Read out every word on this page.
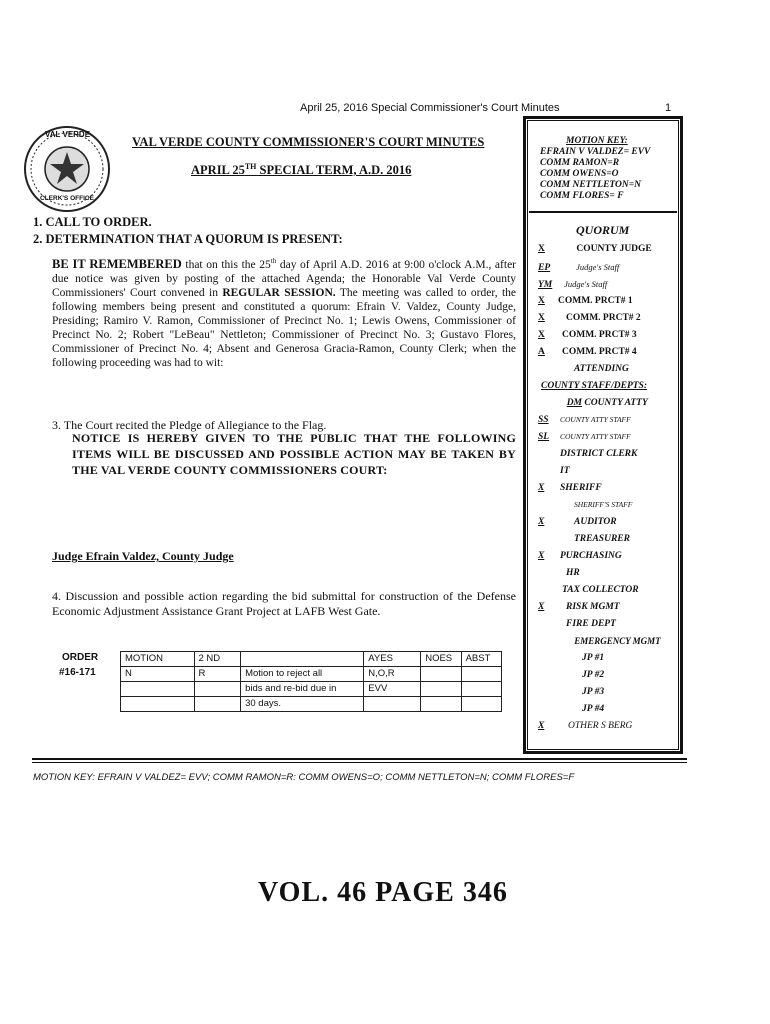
April 25, 2016 Special Commissioner's Court Minutes	1
VAL VERDE
CLERK'S OFFICE
VAL VERDE COUNTY COMMISSIONER'S COURT MINUTES
APRIL 25TH SPECIAL TERM, A.D. 2016
1. CALL TO ORDER.
2. DETERMINATION THAT A QUORUM IS PRESENT:
BE IT REMEMBERED that on this the 25th day of April A.D. 2016 at 9:00 o'clock A.M., after due notice was given by posting of the attached Agenda; the Honorable Val Verde County Commissioners' Court convened in REGULAR SESSION. The meeting was called to order, the following members being present and constituted a quorum: Efrain V. Valdez, County Judge, Presiding; Ramiro V. Ramon, Commissioner of Precinct No. 1; Lewis Owens, Commissioner of Precinct No. 2; Robert "LeBeau" Nettleton; Commissioner of Precinct No. 3; Gustavo Flores, Commissioner of Precinct No. 4; Absent and Generosa Gracia-Ramon, County Clerk; when the following proceeding was had to wit:
3. The Court recited the Pledge of Allegiance to the Flag.
NOTICE IS HEREBY GIVEN TO THE PUBLIC THAT THE FOLLOWING ITEMS WILL BE DISCUSSED AND POSSIBLE ACTION MAY BE TAKEN BY THE VAL VERDE COUNTY COMMISSIONERS COURT:
Judge Efrain Valdez, County Judge
4. Discussion and possible action regarding the bid submittal for construction of the Defense Economic Adjustment Assistance Grant Project at LAFB West Gate.
ORDER
#16-171
MOTION	2 ND		AYES	NOES	ABST
N	R	Motion to reject all	N,O,R		
		bids and re-bid due in	EVV		
		30 days.			
MOTION KEY:
EFRAIN V VALDEZ= EVV
COMM RAMON=R
COMM OWENS=O
COMM NETTLETON=N
COMM FLORES= F
QUORUM
X	COUNTY JUDGE
EP	Judge's Staff
YM Judge's Staff
X COMM. PRCT# 1
X COMM. PRCT# 2
X COMM. PRCT# 3
A COMM. PRCT# 4
ATTENDING
COUNTY STAFF/DEPTS:
DM COUNTY ATTY
SS COUNTY ATTY STAFF
SL COUNTY ATTY STAFF
DISTRICT CLERK
IT
X SHERIFF
SHERIFF'S STAFF
X	AUDITOR
TREASURER
X PURCHASING
HR
TAX COLLECTOR
X RISK MGMT
FIRE DEPT
EMERGENCY MGMT
JP #1
JP #2
JP #3
JP #4
X OTHER S BERG
MOTION KEY: EFRAIN V VALDEZ= EVV; COMM RAMON=R: COMM OWENS=O; COMM NETTLETON=N; COMM FLORES=F
VOL. 46 PAGE 346
